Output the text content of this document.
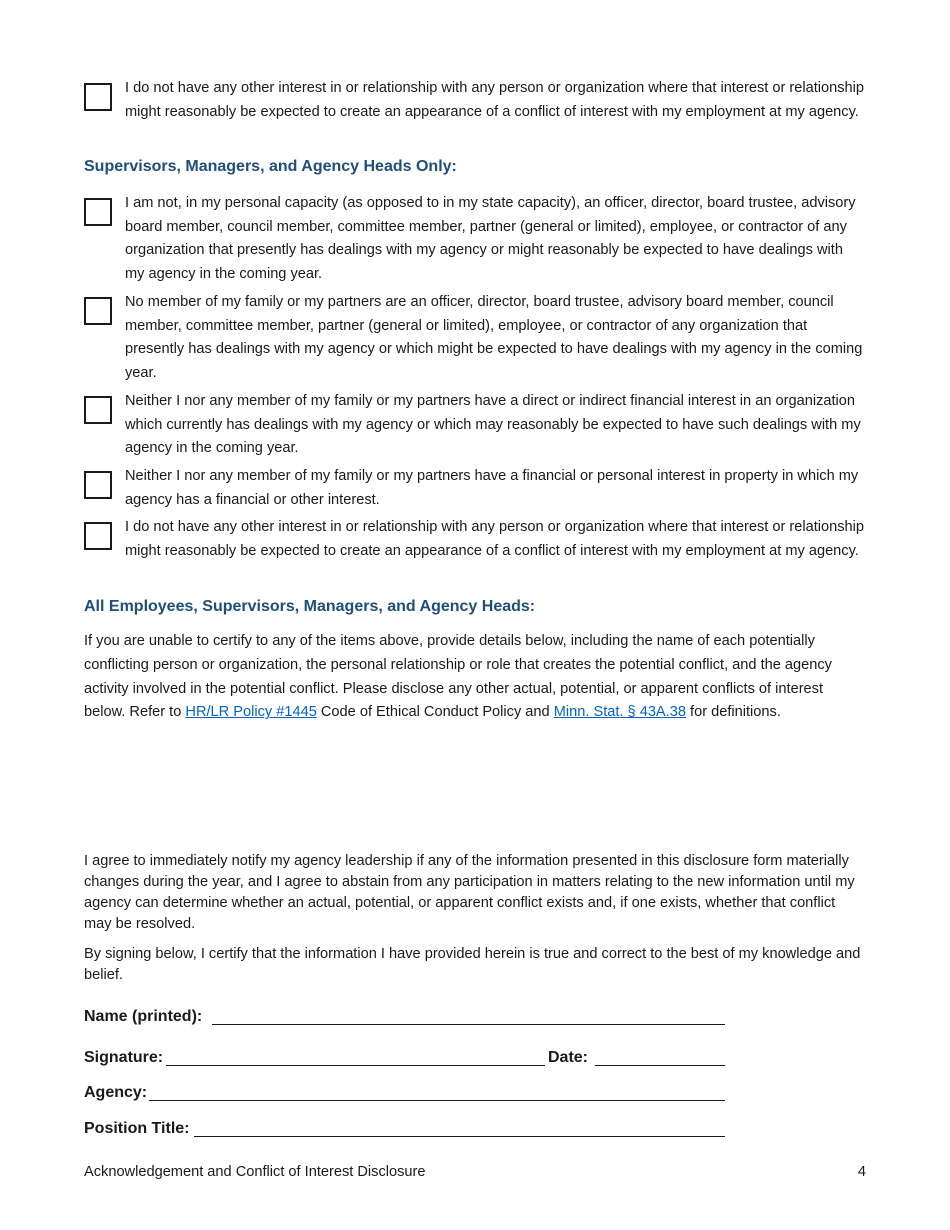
I do not have any other interest in or relationship with any person or organization where that interest or relationship might reasonably be expected to create an appearance of a conflict of interest with my employment at my agency.
Supervisors, Managers, and Agency Heads Only:
I am not, in my personal capacity (as opposed to in my state capacity), an officer, director, board trustee, advisory board member, council member, committee member, partner (general or limited), employee, or contractor of any organization that presently has dealings with my agency or might reasonably be expected to have dealings with my agency in the coming year.
No member of my family or my partners are an officer, director, board trustee, advisory board member, council member, committee member, partner (general or limited), employee, or contractor of any organization that presently has dealings with my agency or which might be expected to have dealings with my agency in the coming year.
Neither I nor any member of my family or my partners have a direct or indirect financial interest in an organization which currently has dealings with my agency or which may reasonably be expected to have such dealings with my agency in the coming year.
Neither I nor any member of my family or my partners have a financial or personal interest in property in which my agency has a financial or other interest.
I do not have any other interest in or relationship with any person or organization where that interest or relationship might reasonably be expected to create an appearance of a conflict of interest with my employment at my agency.
All Employees, Supervisors, Managers, and Agency Heads:
If you are unable to certify to any of the items above, provide details below, including the name of each potentially conflicting person or organization, the personal relationship or role that creates the potential conflict, and the agency activity involved in the potential conflict. Please disclose any other actual, potential, or apparent conflicts of interest below. Refer to HR/LR Policy #1445 Code of Ethical Conduct Policy and Minn. Stat. § 43A.38 for definitions.
I agree to immediately notify my agency leadership if any of the information presented in this disclosure form materially changes during the year, and I agree to abstain from any participation in matters relating to the new information until my agency can determine whether an actual, potential, or apparent conflict exists and, if one exists, whether that conflict may be resolved.
By signing below, I certify that the information I have provided herein is true and correct to the best of my knowledge and belief.
Name (printed):
Signature:	Date:
Agency:
Position Title:
Acknowledgement and Conflict of Interest Disclosure	4
